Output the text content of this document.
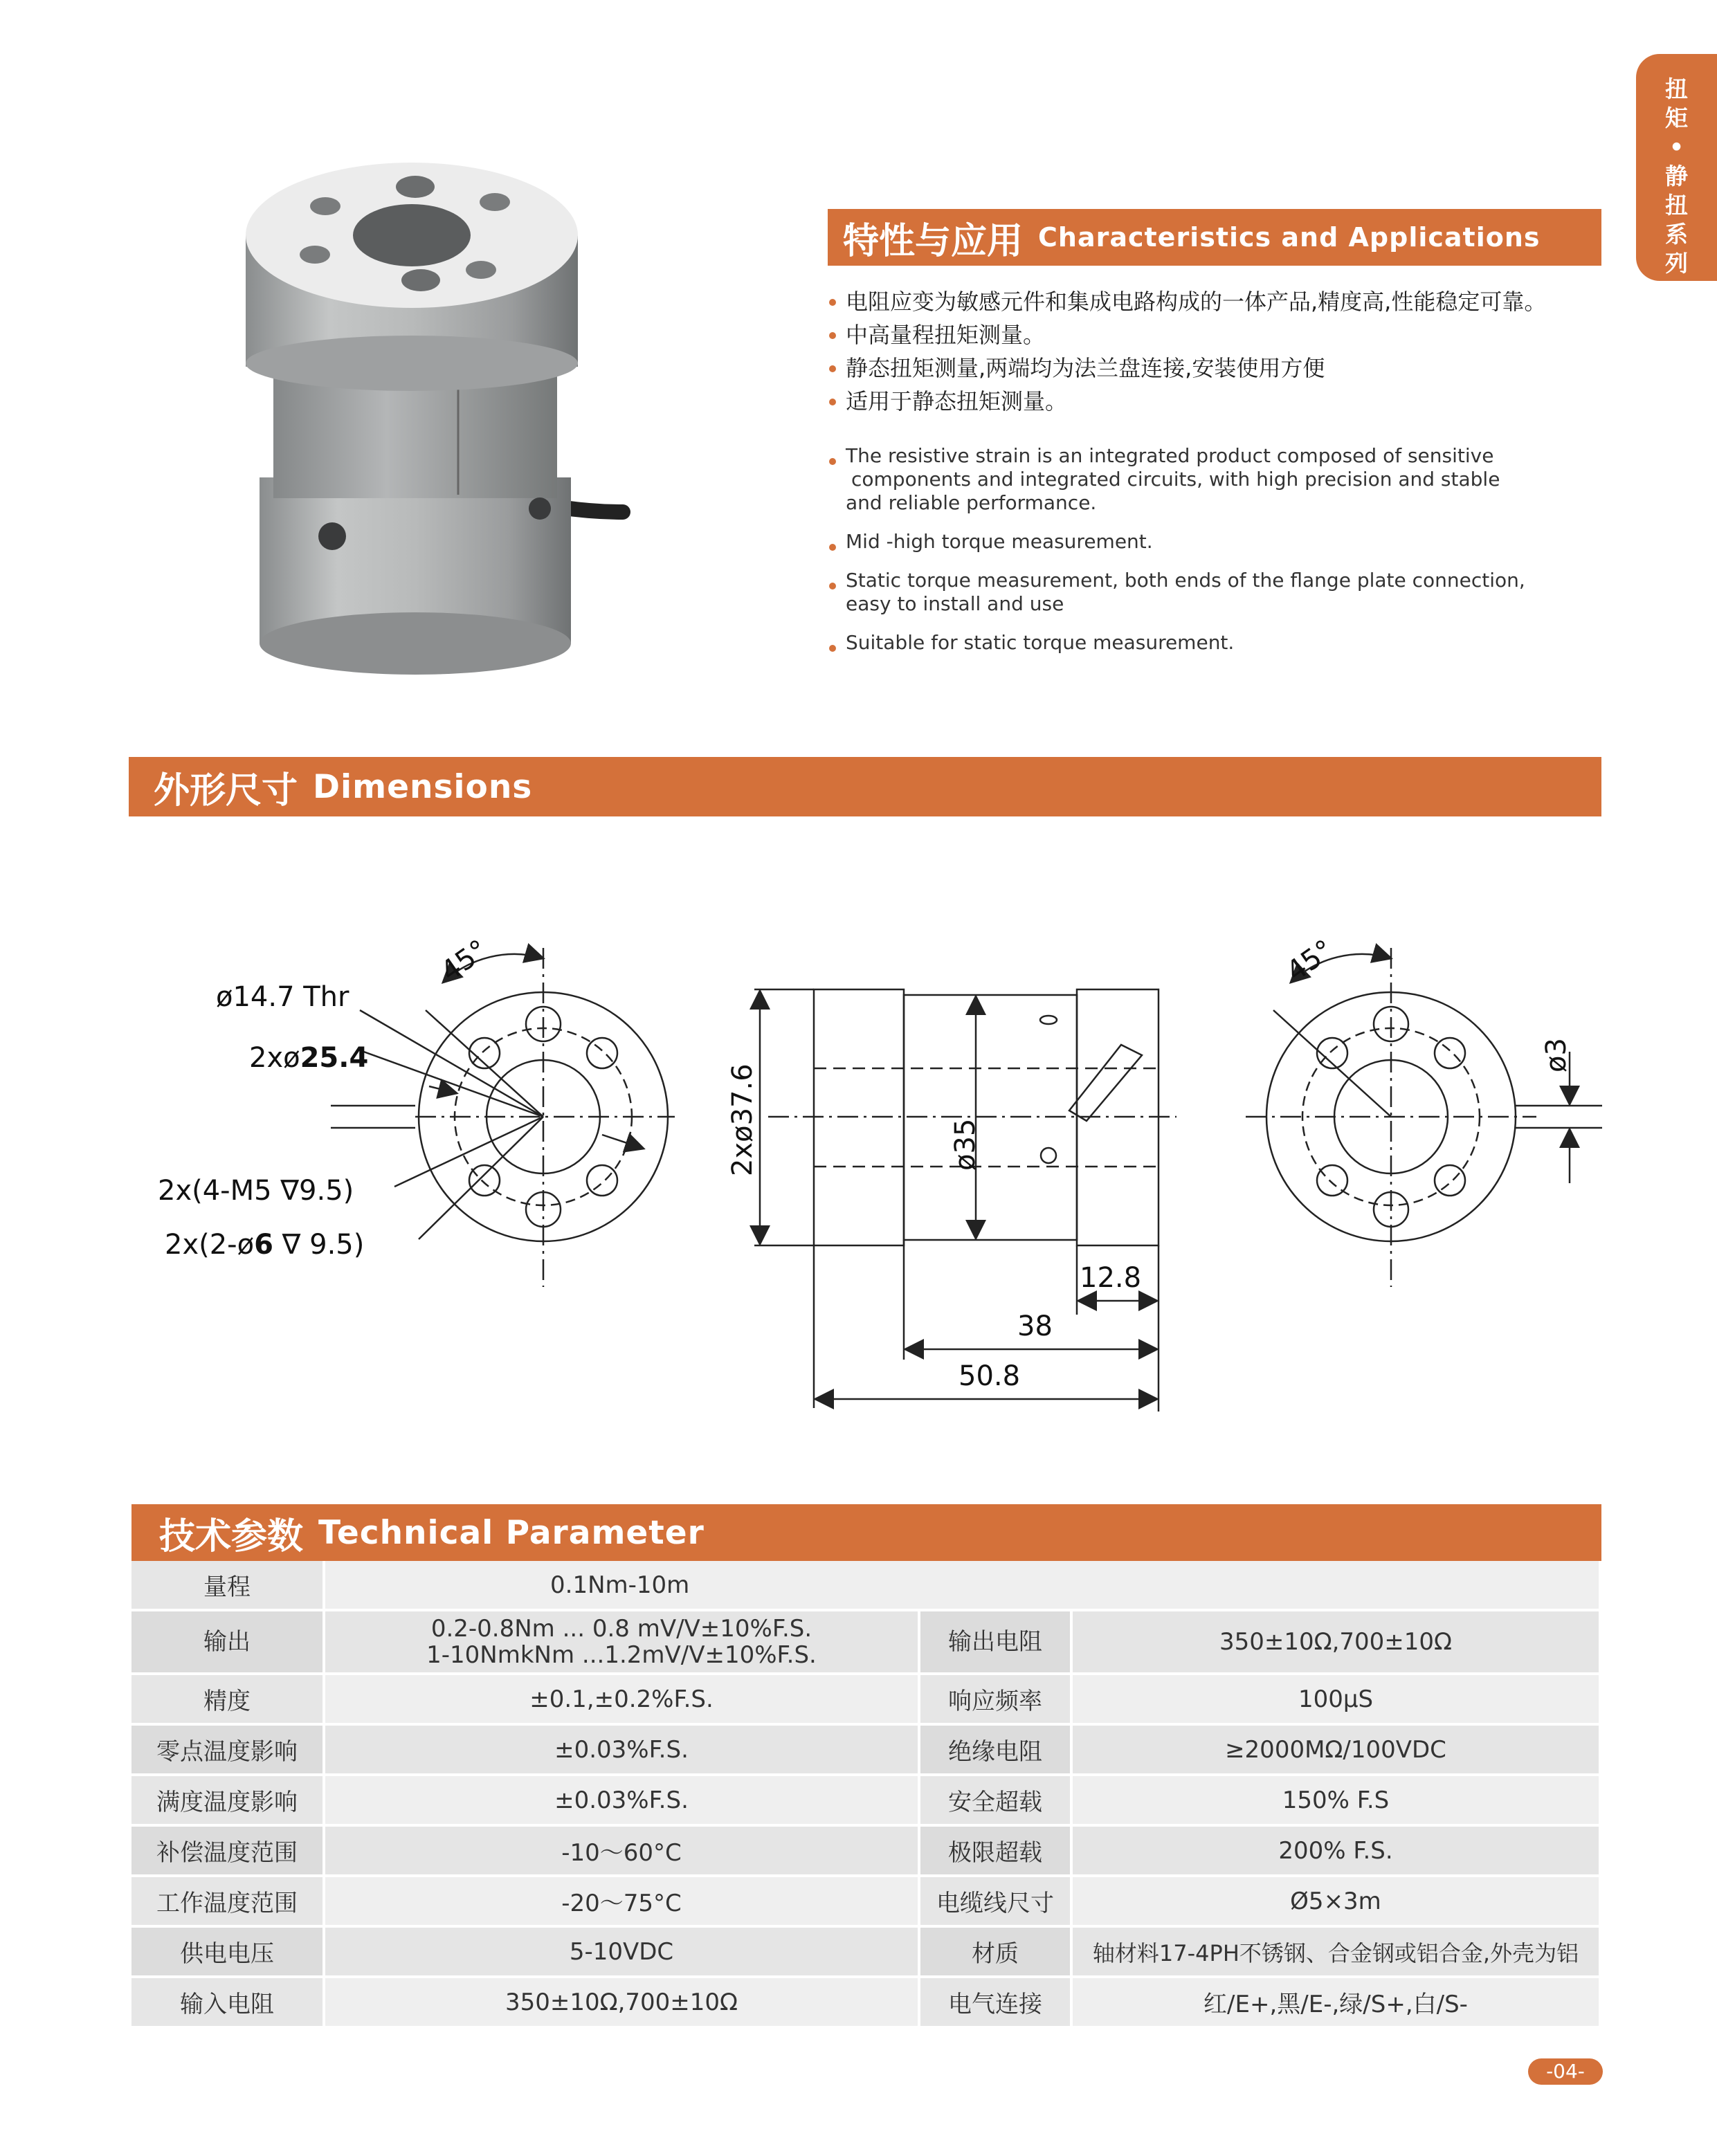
扭
矩
•
静
扭
系
列
特性与应用 Characteristics and Applications
电阻应变为敏感元件和集成电路构成的一体产品,精度高,性能稳定可靠。
中高量程扭矩测量。
静态扭矩测量,两端均为法兰盘连接,安装使用方便
适用于静态扭矩测量。
The resistive strain is an integrated product composed of sensitive
components and integrated circuits, with high precision and stable
and reliable performance.
Mid -high torque measurement.
Static torque measurement, both ends of the flange plate connection,
easy to install and use
Suitable for static torque measurement.
外形尺寸 Dimensions
45°
ø14.7 Thr
2xø25.4
2x(4-M5 ∇9.5)
2x(2-ø6 ∇ 9.5)
2xø37.6	ø35
12.8
38
50.8
45°
ø3
技术参数 Technical Parameter
量程	0.1Nm-10m		
输出	0.2-0.8Nm ... 0.8 mV/V±10%F.S.
1-10NmkNm ...1.2mV/V±10%F.S.	输出电阻	350±10Ω,700±10Ω
精度	±0.1,±0.2%F.S.	响应频率	100μS
零点温度影响	±0.03%F.S.	绝缘电阻	≥2000MΩ/100VDC
满度温度影响	±0.03%F.S.	安全超载	150% F.S
补偿温度范围	-10～60°C	极限超载	200% F.S.
工作温度范围	-20～75°C	电缆线尺寸	Ø5×3m
供电电压	5-10VDC	材质	轴材料17-4PH不锈钢、合金钢或铝合金,外壳为铝
输入电阻	350±10Ω,700±10Ω	电气连接	红/E+,黑/E-,绿/S+,白/S-
-04-
